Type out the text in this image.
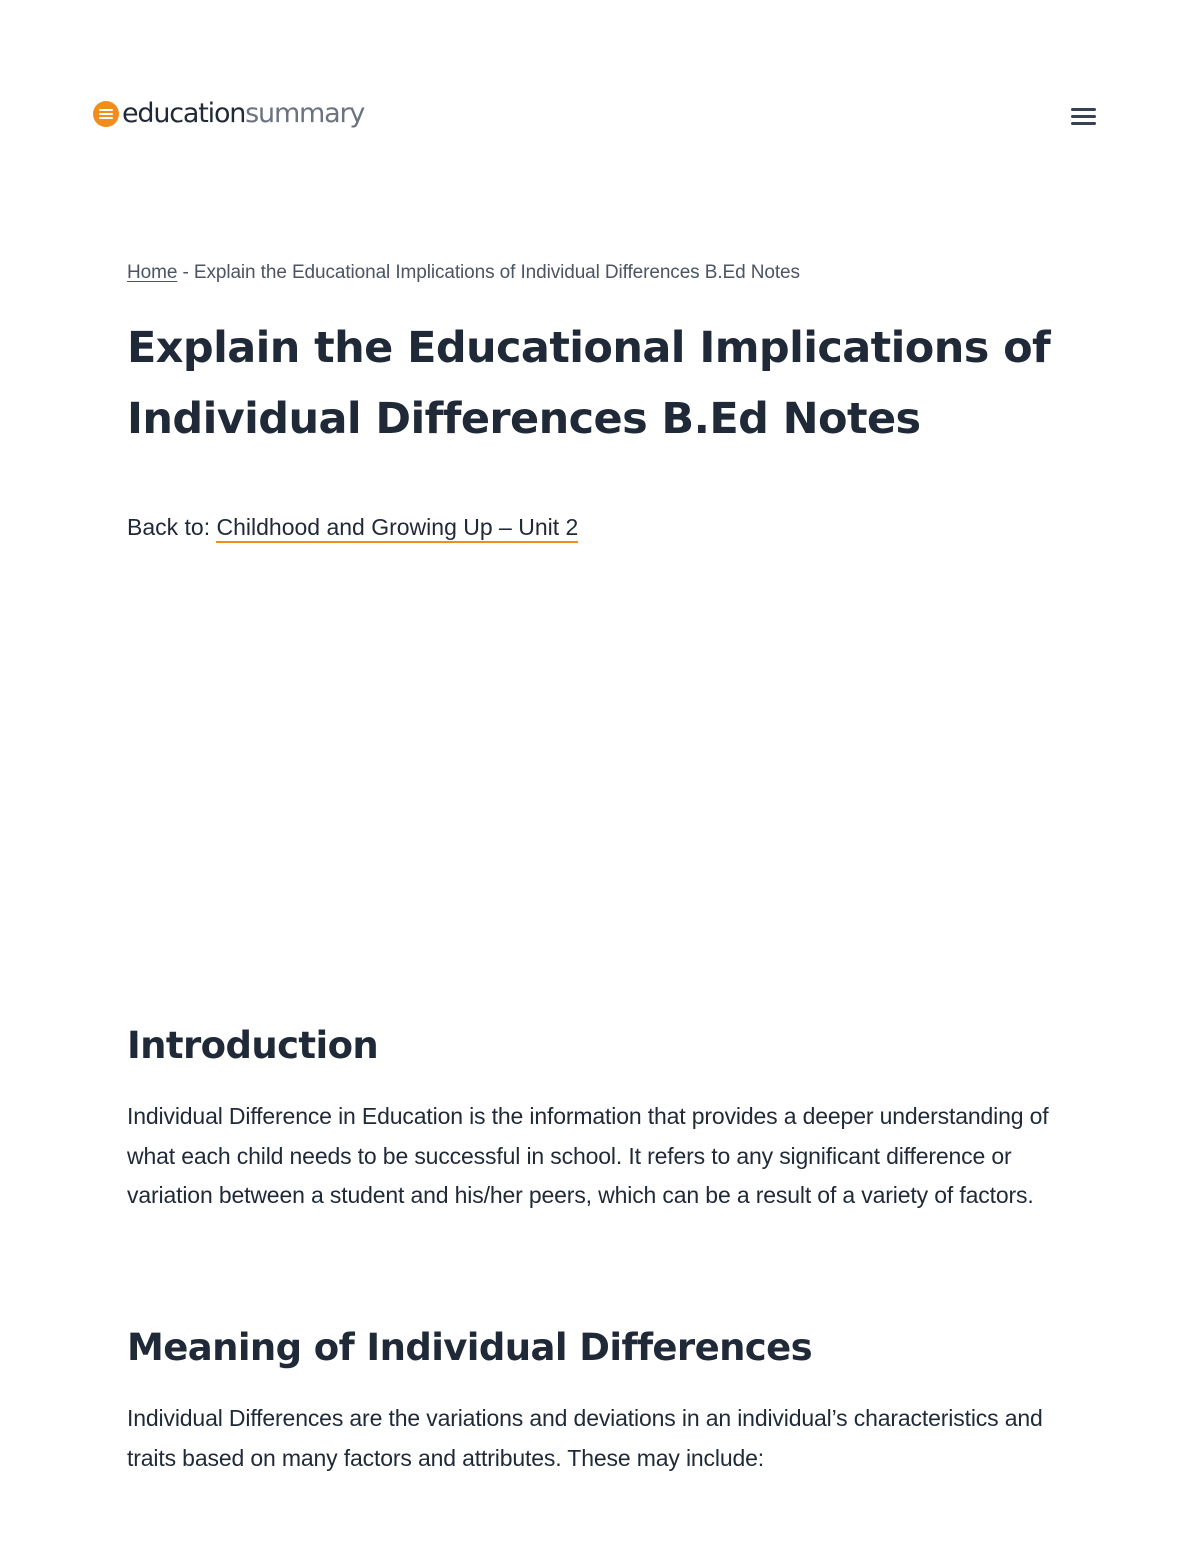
educationsummary

Home - Explain the Educational Implications of Individual Differences B.Ed Notes

Explain the Educational Implications of Individual Differences B.Ed Notes

Back to: Childhood and Growing Up – Unit 2

Introduction

Individual Difference in Education is the information that provides a deeper understanding of what each child needs to be successful in school. It refers to any significant difference or variation between a student and his/her peers, which can be a result of a variety of factors.

Meaning of Individual Differences

Individual Differences are the variations and deviations in an individual’s characteristics and traits based on many factors and attributes. These may include:
